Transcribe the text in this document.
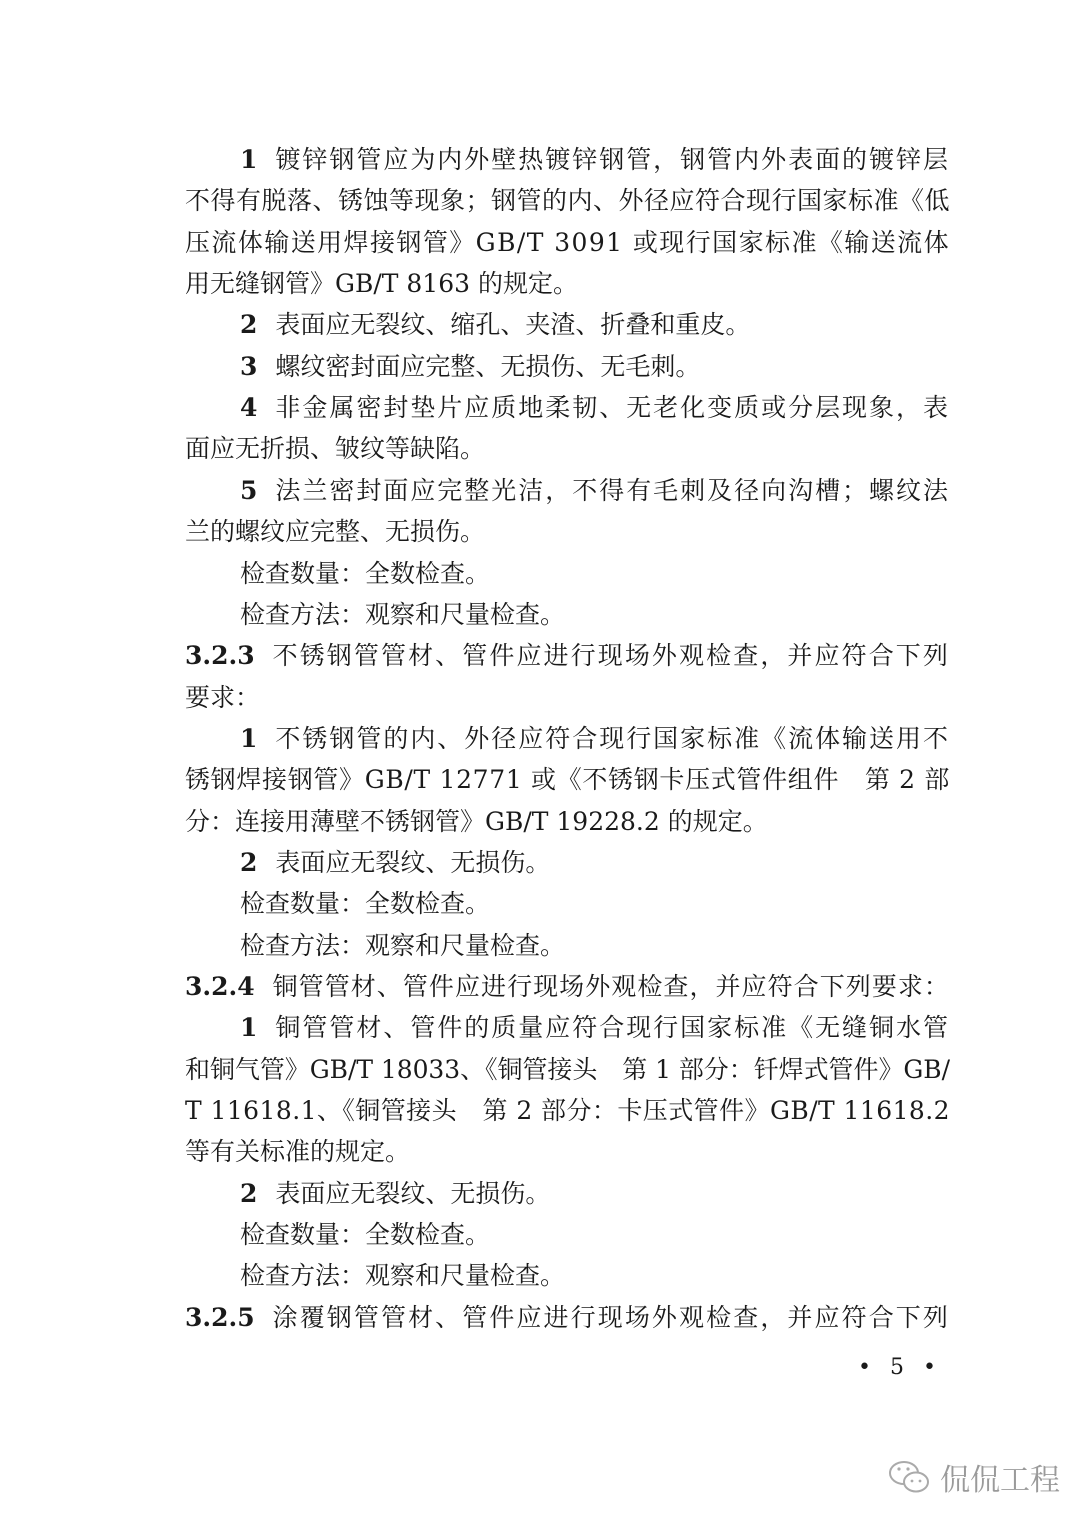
1 镀锌钢管应为内外壁热镀锌钢管，钢管内外表面的镀锌层
不得有脱落、锈蚀等现象；钢管的内、外径应符合现行国家标准《低
压流体输送用焊接钢管》GB/T 3091 或现行国家标准《输送流体
用无缝钢管》GB/T 8163 的规定。
2 表面应无裂纹、缩孔、夹渣、折叠和重皮。
3 螺纹密封面应完整、无损伤、无毛刺。
4 非金属密封垫片应质地柔韧、无老化变质或分层现象，表
面应无折损、皱纹等缺陷。
5 法兰密封面应完整光洁，不得有毛刺及径向沟槽；螺纹法
兰的螺纹应完整、无损伤。
检查数量：全数检查。
检查方法：观察和尺量检查。
3.2.3 不锈钢管管材、管件应进行现场外观检查，并应符合下列
要求：
1 不锈钢管的内、外径应符合现行国家标准《流体输送用不
锈钢焊接钢管》GB/T 12771 或《不锈钢卡压式管件组件　第 2 部
分：连接用薄壁不锈钢管》GB/T 19228.2 的规定。
2 表面应无裂纹、无损伤。
检查数量：全数检查。
检查方法：观察和尺量检查。
3.2.4 铜管管材、管件应进行现场外观检查，并应符合下列要求：
1 铜管管材、管件的质量应符合现行国家标准《无缝铜水管
和铜气管》GB/T 18033、《铜管接头　第 1 部分：钎焊式管件》GB/
T 11618.1、《铜管接头　第 2 部分：卡压式管件》GB/T 11618.2
等有关标准的规定。
2 表面应无裂纹、无损伤。
检查数量：全数检查。
检查方法：观察和尺量检查。
3.2.5 涂覆钢管管材、管件应进行现场外观检查，并应符合下列
• 5 •
侃侃工程
